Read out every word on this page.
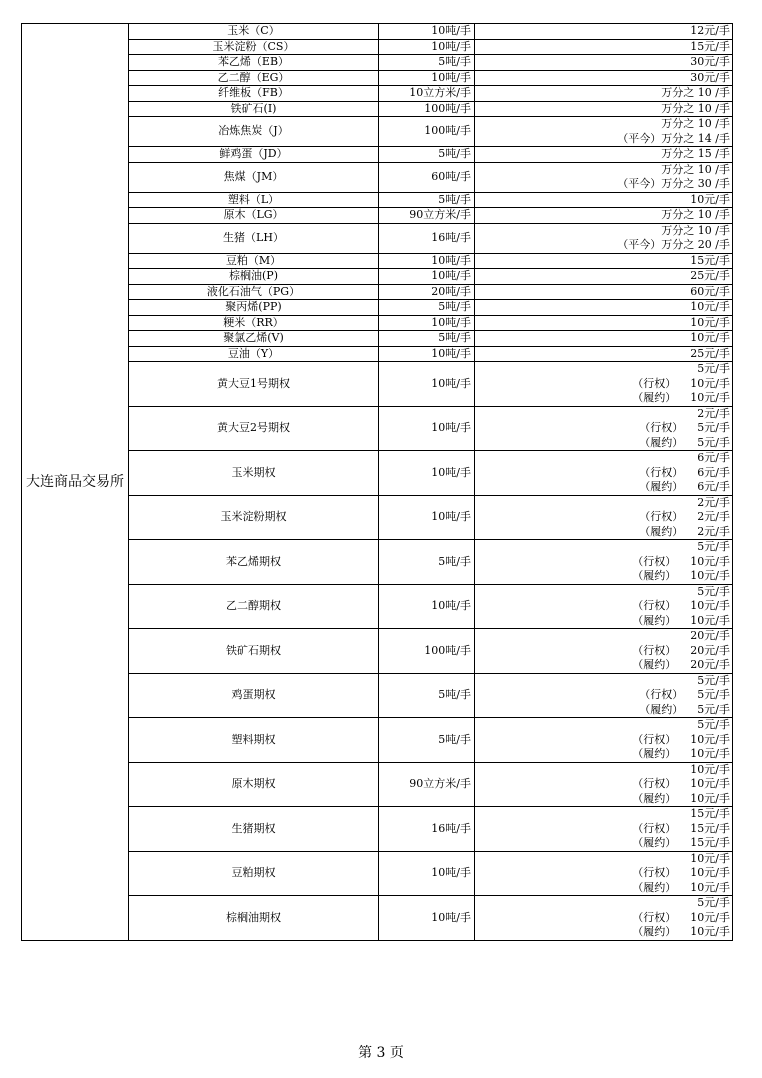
大连商品交易所	玉米（C）	10吨/手	12元/手

	玉米淀粉（CS）	10吨/手	15元/手

	苯乙烯（EB）	5吨/手	30元/手

	乙二醇（EG）	10吨/手	30元/手

	纤维板（FB）	10立方米/手	万分之 10 /手

	铁矿石(I)	100吨/手	万分之 10 /手

	冶炼焦炭（J）	100吨/手	万分之 10 /手
（平今）万分之 14 /手

	鲜鸡蛋（JD）	5吨/手	万分之 15 /手

	焦煤（JM）	60吨/手	万分之 10 /手
（平今）万分之 30 /手

	塑料（L）	5吨/手	10元/手

	原木（LG）	90立方米/手	万分之 10 /手

	生猪（LH）	16吨/手	万分之 10 /手
（平今）万分之 20 /手

	豆粕（M）	10吨/手	15元/手

	棕榈油(P)	10吨/手	25元/手

	液化石油气（PG）	20吨/手	60元/手

	聚丙烯(PP)	5吨/手	10元/手

	粳米（RR）	10吨/手	10元/手

	聚氯乙烯(V)	5吨/手	10元/手

	豆油（Y）	10吨/手	25元/手

	黄大豆1号期权	10吨/手	5元/手
（行权） 10元/手
（履约） 10元/手

	黄大豆2号期权	10吨/手	2元/手
（行权） 5元/手
（履约） 5元/手

	玉米期权	10吨/手	6元/手
（行权） 6元/手
（履约） 6元/手

	玉米淀粉期权	10吨/手	2元/手
（行权） 2元/手
（履约） 2元/手

	苯乙烯期权	5吨/手	5元/手
（行权） 10元/手
（履约） 10元/手

	乙二醇期权	10吨/手	5元/手
（行权） 10元/手
（履约） 10元/手

	铁矿石期权	100吨/手	20元/手
（行权） 20元/手
（履约） 20元/手

	鸡蛋期权	5吨/手	5元/手
（行权） 5元/手
（履约） 5元/手

	塑料期权	5吨/手	5元/手
（行权） 10元/手
（履约） 10元/手

	原木期权	90立方米/手	10元/手
（行权） 10元/手
（履约） 10元/手

	生猪期权	16吨/手	15元/手
（行权） 15元/手
（履约） 15元/手

	豆粕期权	10吨/手	10元/手
（行权） 10元/手
（履约） 10元/手

	棕榈油期权	10吨/手	5元/手
（行权） 10元/手
（履约） 10元/手
第 3 页
